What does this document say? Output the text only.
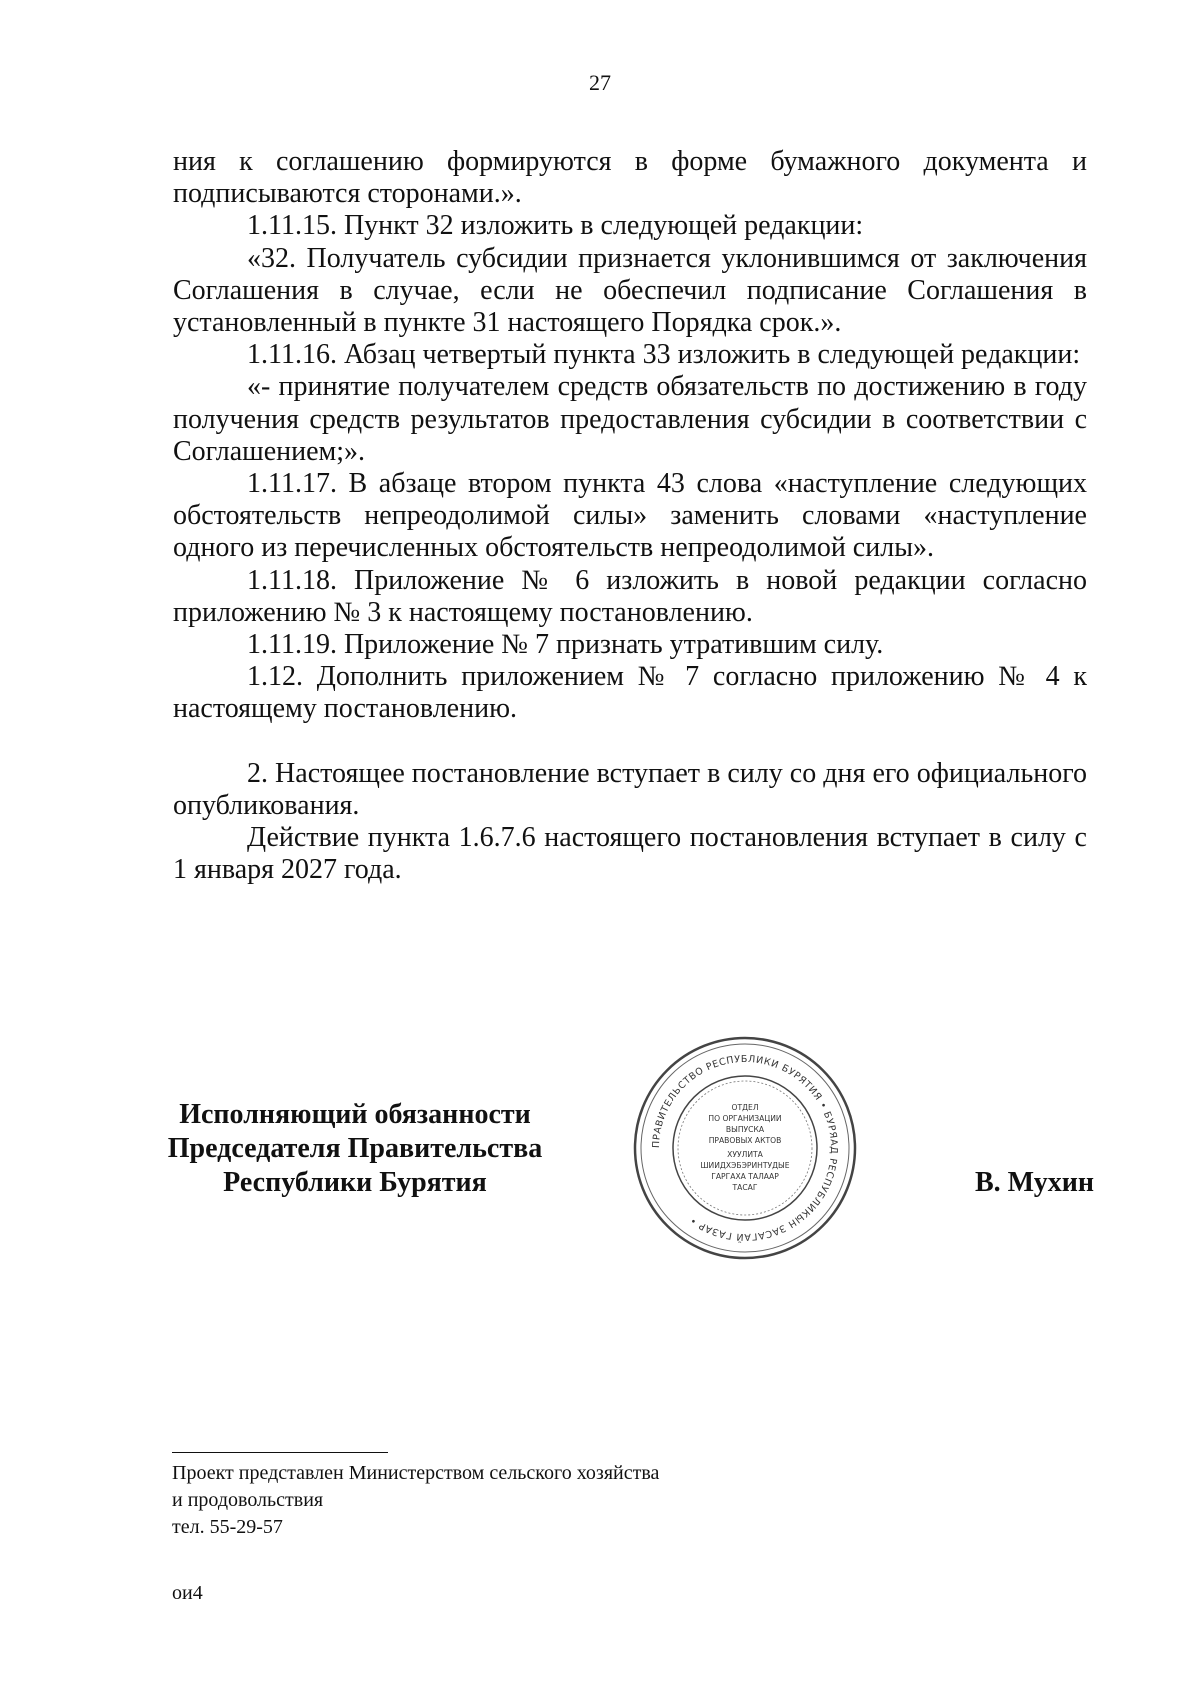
27

ния к соглашению формируются в форме бумажного документа и подписываются сторонами.».

1.11.15. Пункт 32 изложить в следующей редакции:

«32. Получатель субсидии признается уклонившимся от заключения Соглашения в случае, если не обеспечил подписание Соглашения в установленный в пункте 31 настоящего Порядка срок.».

1.11.16. Абзац четвертый пункта 33 изложить в следующей редакции:

«- принятие получателем средств обязательств по достижению в году получения средств результатов предоставления субсидии в соответствии с Соглашением;».

1.11.17. В абзаце втором пункта 43 слова «наступление следующих обстоятельств непреодолимой силы» заменить словами «наступление одного из перечисленных обстоятельств непреодолимой силы».

1.11.18. Приложение № 6 изложить в новой редакции согласно приложению № 3 к настоящему постановлению.

1.11.19. Приложение № 7 признать утратившим силу.

1.12. Дополнить приложением № 7 согласно приложению № 4 к настоящему постановлению.

2. Настоящее постановление вступает в силу со дня его официального опубликования.

Действие пункта 1.6.7.6 настоящего постановления вступает в силу с 1 января 2027 года.

Исполняющий обязанности
Председателя Правительства
Республики Бурятия
ПРАВИТЕЛЬСТВО РЕСПУБЛИКИ БУРЯТИЯ • БУРЯАД РЕСПУБЛИКЫН ЗАСАГАЙ ГАЗАР •
ОТДЕЛ
ПО ОРГАНИЗАЦИИ
ВЫПУСКА
ПРАВОВЫХ АКТОВ
ХУУЛИТА
ШИИДХЭБЭРИНТУДЫЕ
ГАРГАХА ТАЛААР
ТАСАГ	В. Мухин
Проект представлен Министерством сельского хозяйства
и продовольствия
тел. 55-29-57
ои4
